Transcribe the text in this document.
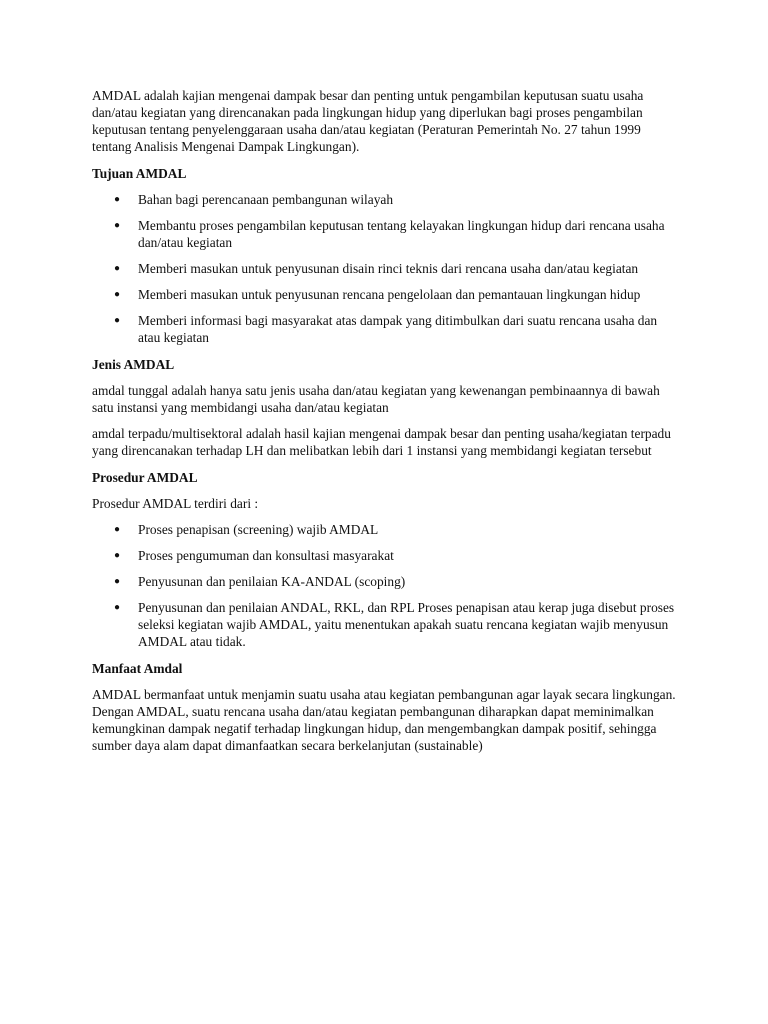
AMDAL adalah kajian mengenai dampak besar dan penting untuk pengambilan keputusan suatu usaha dan/atau kegiatan yang direncanakan pada lingkungan hidup yang diperlukan bagi proses pengambilan keputusan tentang penyelenggaraan usaha dan/atau kegiatan (Peraturan Pemerintah No. 27 tahun 1999 tentang Analisis Mengenai Dampak Lingkungan).

Tujuan AMDAL

● Bahan bagi perencanaan pembangunan wilayah
● Membantu proses pengambilan keputusan tentang kelayakan lingkungan hidup dari rencana usaha dan/atau kegiatan
● Memberi masukan untuk penyusunan disain rinci teknis dari rencana usaha dan/atau kegiatan
● Memberi masukan untuk penyusunan rencana pengelolaan dan pemantauan lingkungan hidup
● Memberi informasi bagi masyarakat atas dampak yang ditimbulkan dari suatu rencana usaha dan atau kegiatan

Jenis AMDAL

amdal tunggal adalah hanya satu jenis usaha dan/atau kegiatan yang kewenangan pembinaannya di bawah satu instansi yang membidangi usaha dan/atau kegiatan

amdal terpadu/multisektoral adalah hasil kajian mengenai dampak besar dan penting usaha/kegiatan terpadu yang direncanakan terhadap LH dan melibatkan lebih dari 1 instansi yang membidangi kegiatan tersebut

Prosedur AMDAL

Prosedur AMDAL terdiri dari :

● Proses penapisan (screening) wajib AMDAL
● Proses pengumuman dan konsultasi masyarakat
● Penyusunan dan penilaian KA-ANDAL (scoping)
● Penyusunan dan penilaian ANDAL, RKL, dan RPL Proses penapisan atau kerap juga disebut proses seleksi kegiatan wajib AMDAL, yaitu menentukan apakah suatu rencana kegiatan wajib menyusun AMDAL atau tidak.

Manfaat Amdal

AMDAL bermanfaat untuk menjamin suatu usaha atau kegiatan pembangunan agar layak secara lingkungan. Dengan AMDAL, suatu rencana usaha dan/atau kegiatan pembangunan diharapkan dapat meminimalkan kemungkinan dampak negatif terhadap lingkungan hidup, dan mengembangkan dampak positif, sehingga sumber daya alam dapat dimanfaatkan secara berkelanjutan (sustainable)
